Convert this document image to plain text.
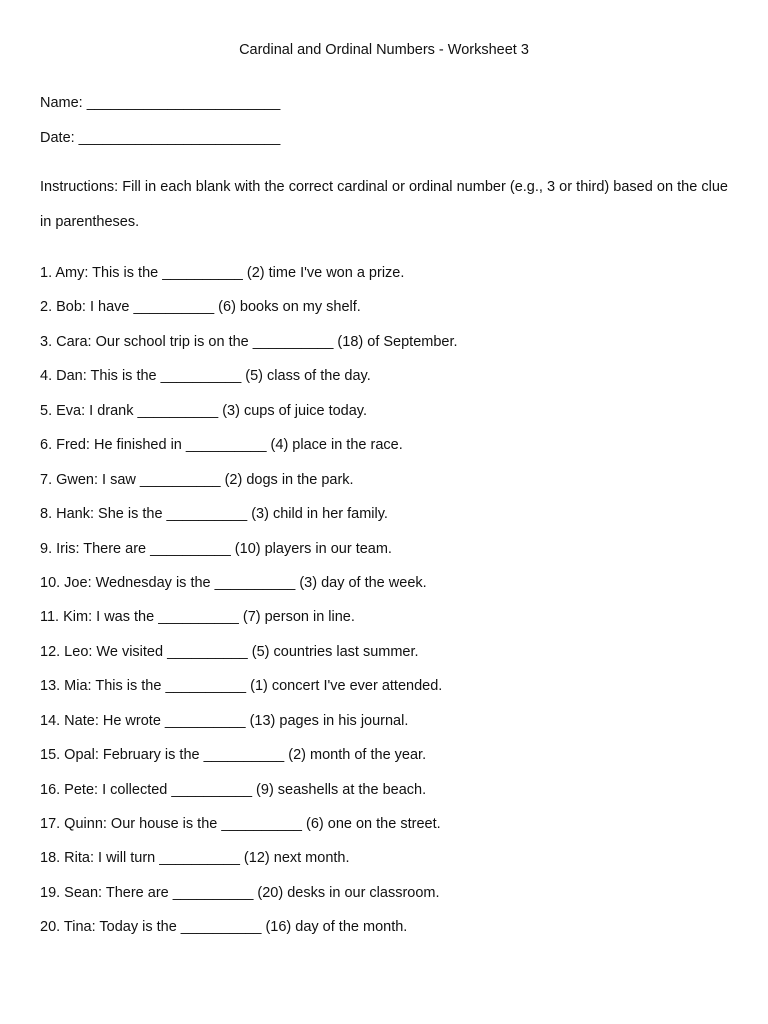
Cardinal and Ordinal Numbers - Worksheet 3
Name: ________________________
Date: _________________________

Instructions: Fill in each blank with the correct cardinal or ordinal number (e.g., 3 or third) based on the clue in parentheses.

1. Amy: This is the __________ (2) time I've won a prize.
2. Bob: I have __________ (6) books on my shelf.
3. Cara: Our school trip is on the __________ (18) of September.
4. Dan: This is the __________ (5) class of the day.
5. Eva: I drank __________ (3) cups of juice today.
6. Fred: He finished in __________ (4) place in the race.
7. Gwen: I saw __________ (2) dogs in the park.
8. Hank: She is the __________ (3) child in her family.
9. Iris: There are __________ (10) players in our team.
10. Joe: Wednesday is the __________ (3) day of the week.
11. Kim: I was the __________ (7) person in line.
12. Leo: We visited __________ (5) countries last summer.
13. Mia: This is the __________ (1) concert I've ever attended.
14. Nate: He wrote __________ (13) pages in his journal.
15. Opal: February is the __________ (2) month of the year.
16. Pete: I collected __________ (9) seashells at the beach.
17. Quinn: Our house is the __________ (6) one on the street.
18. Rita: I will turn __________ (12) next month.
19. Sean: There are __________ (20) desks in our classroom.
20. Tina: Today is the __________ (16) day of the month.
